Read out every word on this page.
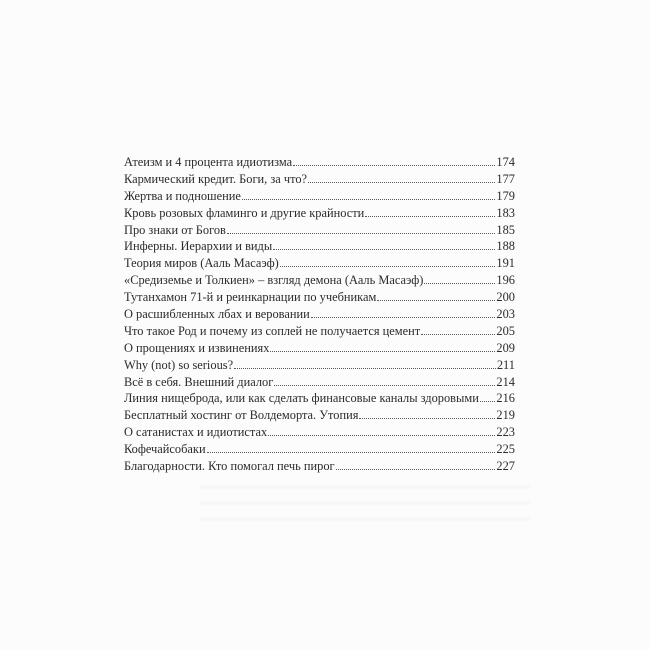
Атеизм и 4 процента идиотизма	174
Кармический кредит. Боги, за что?	177
Жертва и подношение	179
Кровь розовых фламинго и другие крайности	183
Про знаки от Богов	185
Инферны. Иерархии и виды	188
Теория миров (Ааль Масаэф)	191
«Средиземье и Толкиен» – взгляд демона (Ааль Масаэф)	196
Тутанхамон 71-й и реинкарнации по учебникам	200
О расшибленных лбах и веровании	203
Что такое Род и почему из соплей не получается цемент	205
О прощениях и извинениях	209
Why (not) so serious?	211
Всё в себя. Внешний диалог	214
Линия нищеброда, или как сделать финансовые каналы здоровыми 216
Бесплатный хостинг от Волдеморта. Утопия	219
О сатанистах и идиотистах	223
Кофечайсобаки	225
Благодарности. Кто помогал печь пирог	227
